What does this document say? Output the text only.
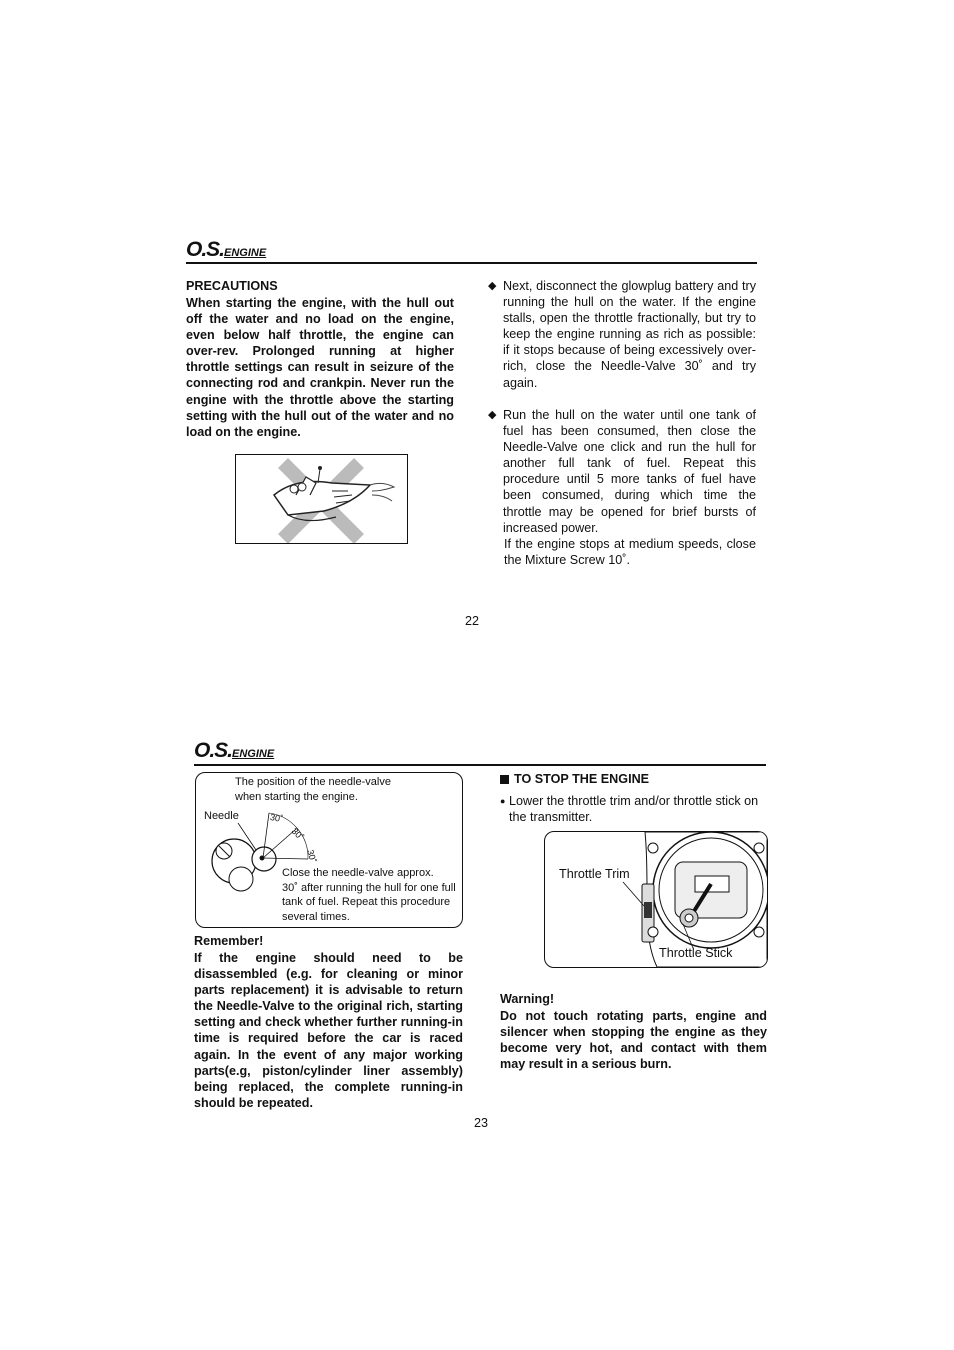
O.S.ENGINE
PRECAUTIONS
When starting the engine, with the hull out off the water and no load on the engine, even below half throttle, the engine can over-rev. Prolonged running at higher throttle settings can result in seizure of the connecting rod and crankpin. Never run the engine with the throttle above the starting setting with the hull out of the water and no load on the engine.
◆ Next, disconnect the glowplug battery and try running the hull on the water. If the engine stalls, open the throttle fractionally, but try to keep the engine running as rich as possible: if it stops because of being excessively over-rich, close the Needle-Valve 30˚ and try again.
◆ Run the hull on the water until one tank of fuel has been consumed, then close the Needle-Valve one click and run the hull for another full tank of fuel. Repeat this procedure until 5 more tanks of fuel have been consumed, during which time the throttle may be opened for brief bursts of increased power.
If the engine stops at medium speeds, close the Mixture Screw 10˚.
22
O.S.ENGINE
The position of the needle-valve
when starting the engine.
Needle	30˚
30˚
30˚
Close the needle-valve approx.
30˚ after running the hull for one full
tank of fuel. Repeat this procedure
several times.
Remember!
If the engine should need to be disassembled (e.g. for cleaning or minor parts replacement) it is advisable to return the Needle-Valve to the original rich, starting setting and check whether further running-in time is required before the car is raced again. In the event of any major working parts(e.g, piston/cylinder liner assembly) being replaced, the complete running-in should be repeated.
TO STOP THE ENGINE
● Lower the throttle trim and/or throttle stick on the transmitter.
Throttle Trim
Throttle Stick
Warning!
Do not touch rotating parts, engine and silencer when stopping the engine as they become very hot, and contact with them may result in a serious burn.
23
